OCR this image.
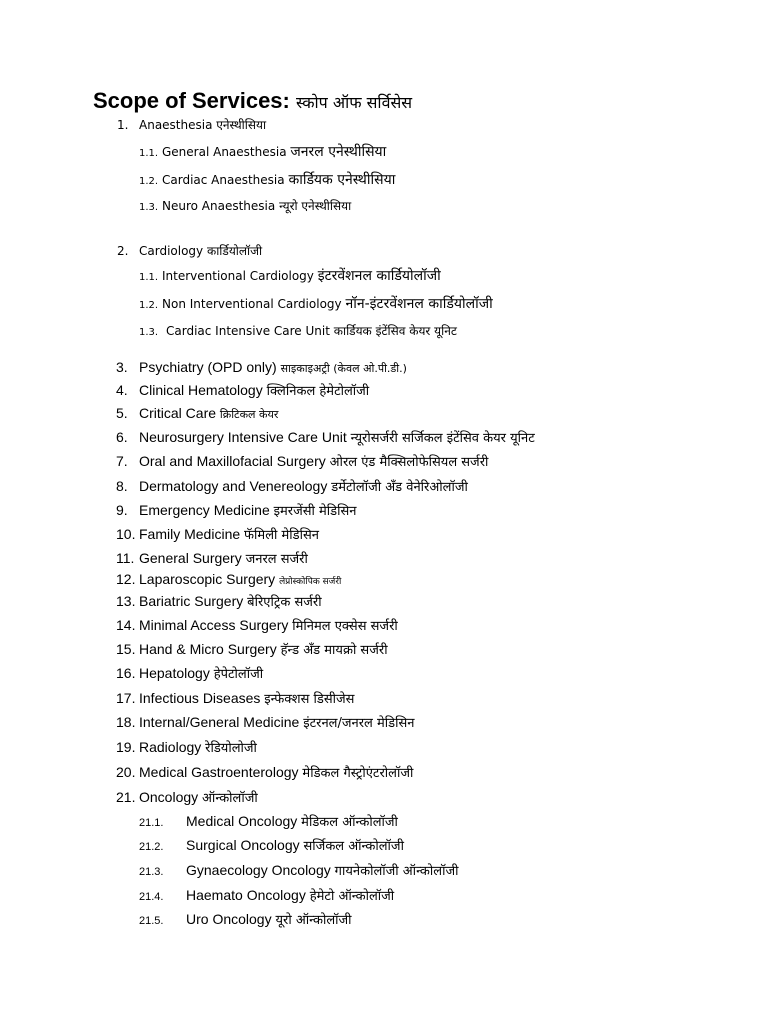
Scope of Services: स्कोप ऑफ सर्विसेस
1. Anaesthesia एनेस्थीसिया
1.1. General Anaesthesia जनरल एनेस्थीसिया
1.2. Cardiac Anaesthesia कार्डियक एनेस्थीसिया
1.3. Neuro Anaesthesia न्यूरो एनेस्थीसिया
2. Cardiology कार्डियोलॉजी
1.1. Interventional Cardiology इंटरवेंशनल कार्डियोलॉजी
1.2. Non Interventional Cardiology नॉन-इंटरवेंशनल कार्डियोलॉजी
1.3. Cardiac Intensive Care Unit कार्डियक इंटेंसिव केयर यूनिट
3. Psychiatry (OPD only) साइकाइअट्री (केवल ओ.पी.डी.)
4. Clinical Hematology क्लिनिकल हेमेटोलॉजी
5. Critical Care क्रिटिकल केयर
6. Neurosurgery Intensive Care Unit न्यूरोसर्जरी सर्जिकल इंटेंसिव केयर यूनिट
7. Oral and Maxillofacial Surgery ओरल एंड मैक्सिलोफेसियल सर्जरी
8. Dermatology and Venereology डर्मेटोलॉजी ॲंड वेनेरिओलॉजी
9. Emergency Medicine इमरजेंसी मेडिसिन
10. Family Medicine फॅमिली मेडिसिन
11. General Surgery जनरल सर्जरी
12. Laparoscopic Surgery लेप्रोस्कोपिक सर्जरी
13. Bariatric Surgery बेरिएट्रिक सर्जरी
14. Minimal Access Surgery मिनिमल एक्सेस सर्जरी
15. Hand & Micro Surgery हॅन्ड ॲंड मायक्रो सर्जरी
16. Hepatology हेपेटोलॉजी
17. Infectious Diseases इन्फेक्शस डिसीजेस
18. Internal/General Medicine इंटरनल/जनरल मेडिसिन
19. Radiology रेडियोलोजी
20. Medical Gastroenterology मेडिकल गैस्ट्रोएंटरोलॉजी
21. Oncology ऑन्कोलॉजी
21.1. Medical Oncology मेडिकल ऑन्कोलॉजी
21.2. Surgical Oncology सर्जिकल ऑन्कोलॉजी
21.3. Gynaecology Oncology गायनेकोलॉजी ऑन्कोलॉजी
21.4. Haemato Oncology हेमेटो ऑन्कोलॉजी
21.5. Uro Oncology यूरो ऑन्कोलॉजी
